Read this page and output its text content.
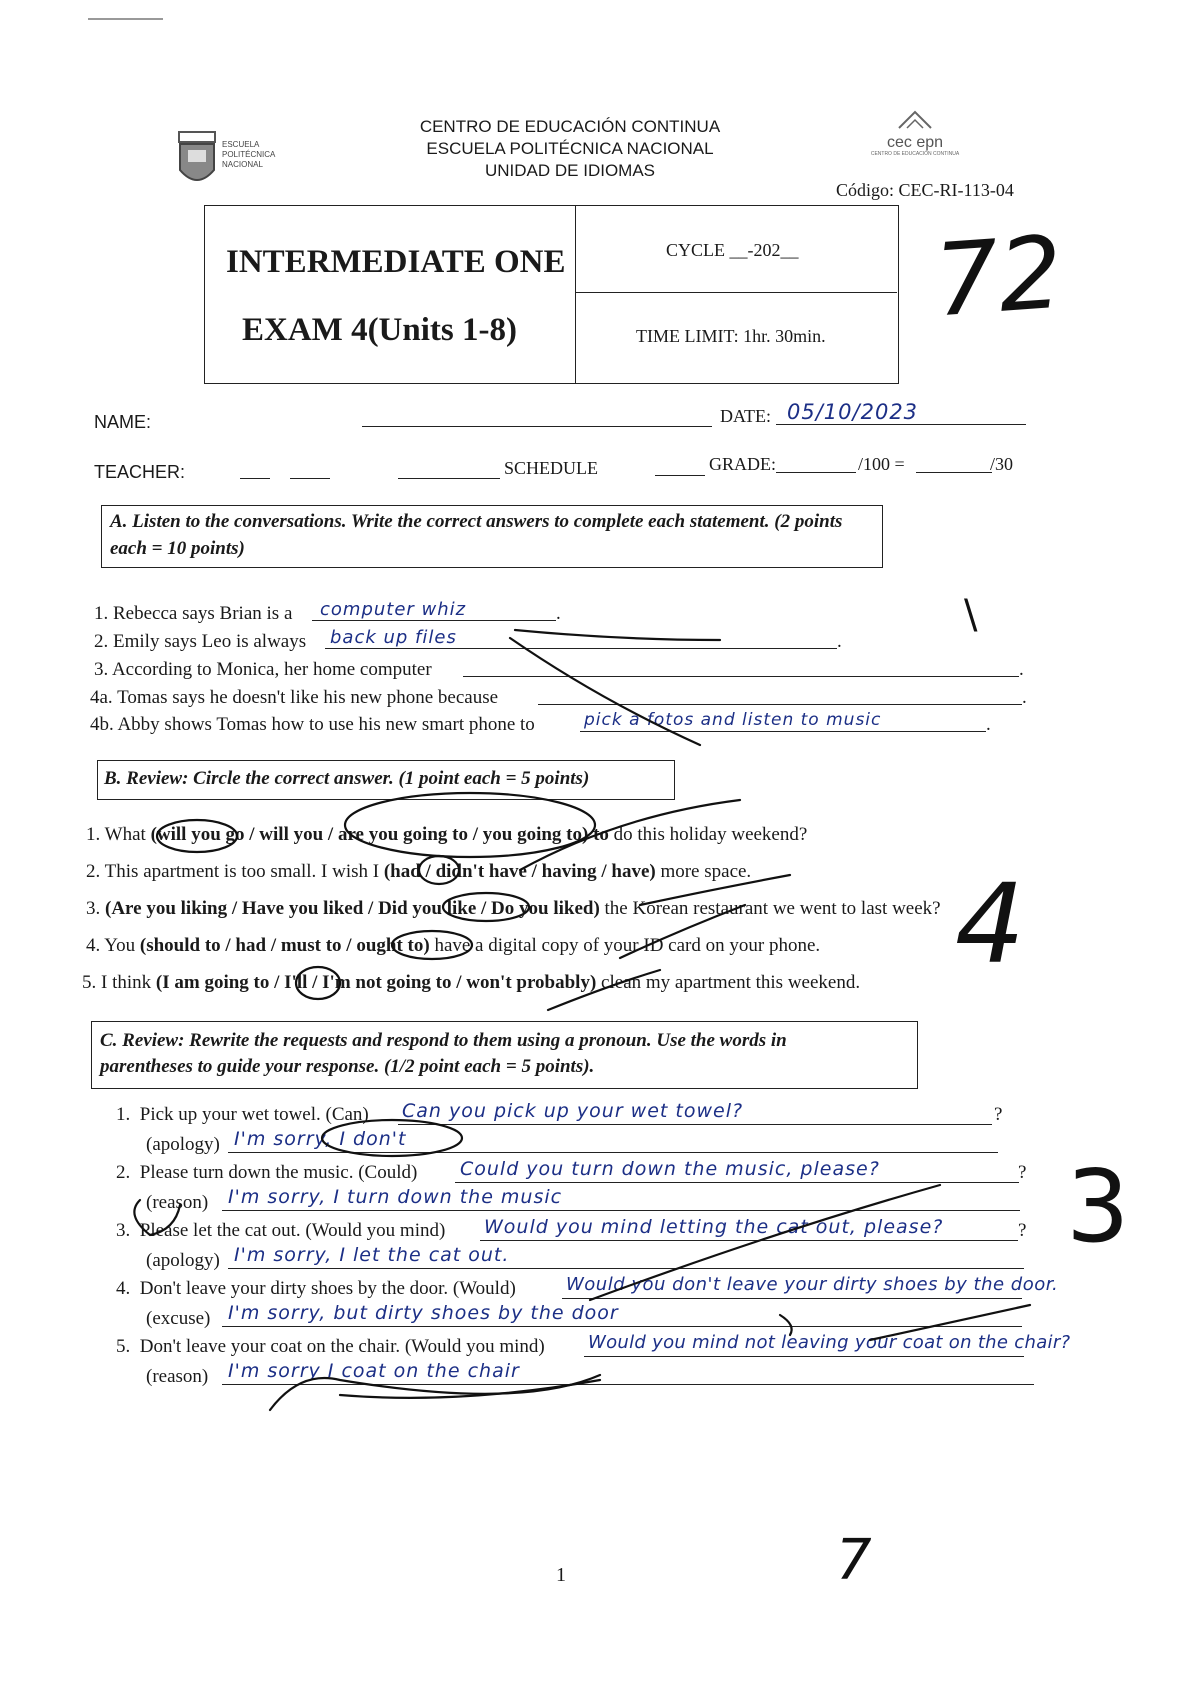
ESCUELA
POLITÉCNICA
NACIONAL
CENTRO DE EDUCACIÓN CONTINUA
ESCUELA POLITÉCNICA NACIONAL
UNIDAD DE IDIOMAS
cec epn
CENTRO DE EDUCACIÓN CONTINUA
Código: CEC-RI-113-04
INTERMEDIATE ONE
EXAM 4(Units 1-8)
CYCLE __-202__
TIME LIMIT: 1hr. 30min. 72
NAME:	DATE: 05/10/2023
TEACHER:	SCHEDULE	GRADE:	/100 =	/30
A. Listen to the conversations. Write the correct answers to complete each statement. (2 points each = 10 points)
1. Rebecca says Brian is a computer whiz	.
2. Emily says Leo is always back up files	.
3. According to Monica, her home computer	.
4a. Tomas says he doesn't like his new phone because	.
4b. Abby shows Tomas how to use his new smart phone to	pick a fotos and listen to music	.
\
B. Review: Circle the correct answer. (1 point each = 5 points)
1. What (will you go / will you / are you going to / you going to) to do this holiday weekend?
2. This apartment is too small. I wish I (had / didn't have / having / have) more space.
3. (Are you liking / Have you liked / Did you like / Do you liked) the Korean restaurant we went to last week?
4. You (should to / had / must to / ought to) have a digital copy of your ID card on your phone.
5. I think (I am going to / I'll / I'm not going to / won't probably) clean my apartment this weekend. 4
C. Review: Rewrite the requests and respond to them using a pronoun. Use the words in
parentheses to guide your response. (1/2 point each = 5 points).
1. Pick up your wet towel. (Can) Can you pick up your wet towel?	?
(apology) I'm sorry, I don't
2. Please turn down the music. (Could) Could you turn down the music, please?	?
(reason) I'm sorry, I turn down the music
3. Please let the cat out. (Would you mind) Would you mind letting the cat out, please?	?
(apology) I'm sorry, I let the cat out.
4. Don't leave your dirty shoes by the door. (Would)	Would you don't leave your dirty shoes by the door.
(excuse) I'm sorry, but dirty shoes by the door
5. Don't leave your coat on the chair. (Would you mind) Would you mind not leaving your coat on the chair?
(reason) I'm sorry I coat on the chair
3
7
1
